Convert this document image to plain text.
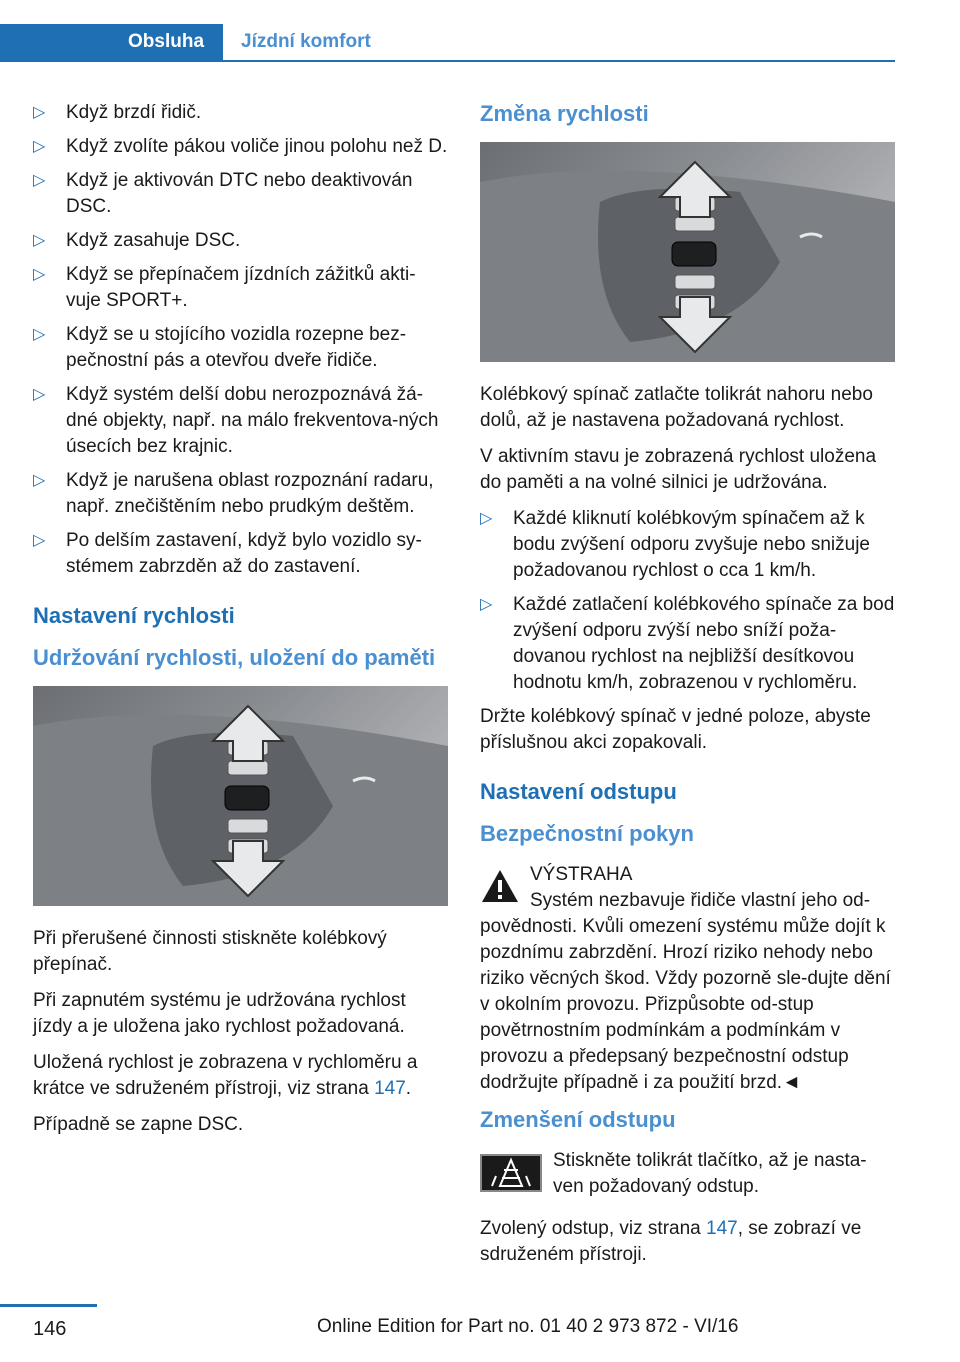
Obsluha	Jízdní komfort
▷ Když brzdí řidič.
▷ Když zvolíte pákou voliče jinou polohu než D.
▷ Když je aktivován DTC nebo deaktivován DSC.
▷ Když zasahuje DSC.
▷ Když se přepínačem jízdních zážitků akti‐vuje SPORT+.
▷ Když se u stojícího vozidla rozepne bez‐pečnostní pás a otevřou dveře řidiče.
▷ Když systém delší dobu nerozpoznává žá‐dné objekty, např. na málo frekventova‐ných úsecích bez krajnic.
▷ Když je narušena oblast rozpoznání radaru, např. znečištěním nebo prudkým deštěm.
▷ Po delším zastavení, když bylo vozidlo sy‐stémem zabrzděn až do zastavení.
Nastavení rychlosti
Udržování rychlosti, uložení do paměti

Při přerušené činnosti stiskněte kolébkový přepínač.

Při zapnutém systému je udržována rychlost jízdy a je uložena jako rychlost požadovaná.

Uložená rychlost je zobrazena v rychloměru a krátce ve sdruženém přístroji, viz strana 147.

Případně se zapne DSC.

Změna rychlosti

Kolébkový spínač zatlačte tolikrát nahoru nebo dolů, až je nastavena požadovaná rychlost.

V aktivním stavu je zobrazená rychlost uložena do paměti a na volné silnici je udržována.

▷ Každé kliknutí kolébkovým spínačem až k bodu zvýšení odporu zvyšuje nebo snižuje požadovanou rychlost o cca 1 km/h.
▷ Každé zatlačení kolébkového spínače za bod zvýšení odporu zvýší nebo sníží poža‐dovanou rychlost na nejbližší desítkovou hodnotu km/h, zobrazenou v rychloměru.

Držte kolébkový spínač v jedné poloze, abyste příslušnou akci zopakovali.

Nastavení odstupu
Bezpečnostní pokyn
VÝSTRAHA

Systém nezbavuje řidiče vlastní jeho od‐povědnosti. Kvůli omezení systému může dojít k pozdnímu zabrzdění. Hrozí riziko nehody nebo riziko věcných škod. Vždy pozorně sle‐dujte dění v okolním provozu. Přizpůsobte od‐stup povětrnostním podmínkám a podmínkám v provozu a předepsaný bezpečnostní odstup dodržujte případně i za použití brzd.◄

Zmenšení odstupu
Stiskněte tolikrát tlačítko, až je nasta‐ven požadovaný odstup.

Zvolený odstup, viz strana 147, se zobrazí ve sdruženém přístroji.

146	Online Edition for Part no. 01 40 2 973 872 - VI/16
